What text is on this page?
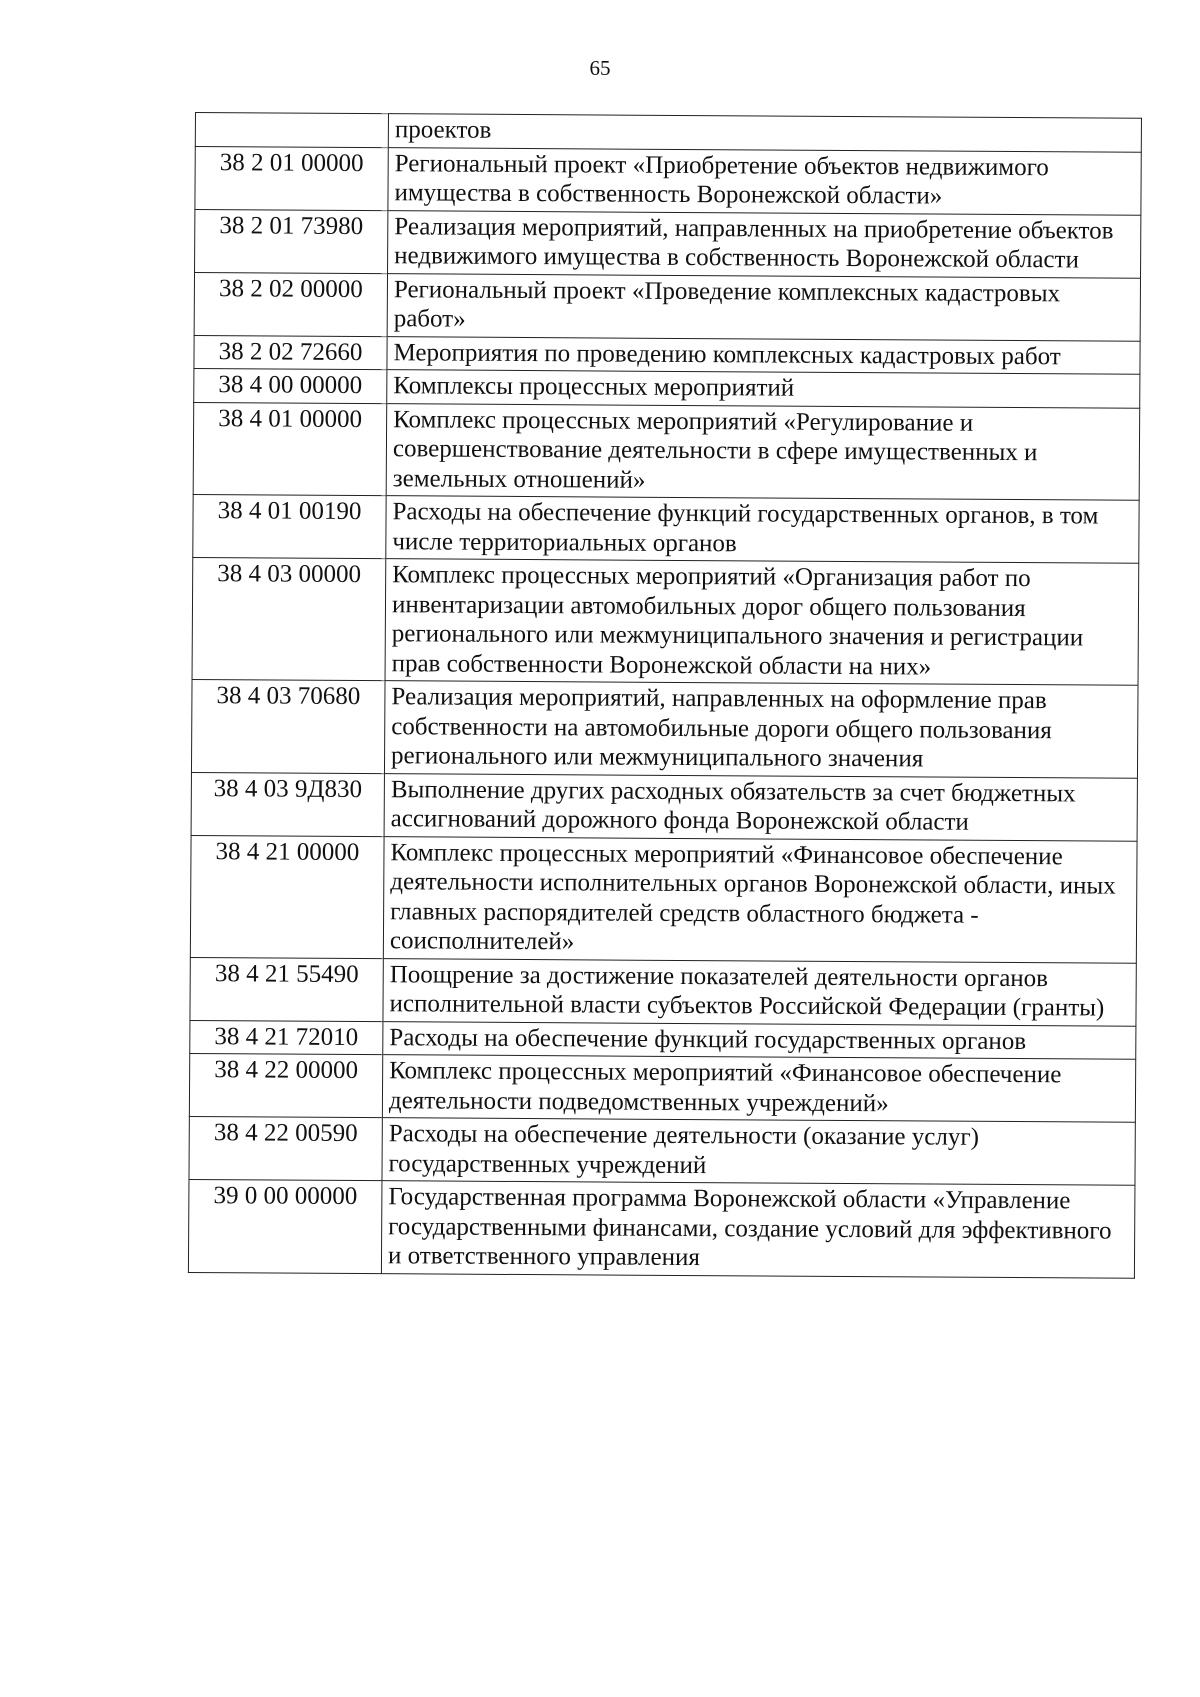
65
	проектов
38 2 01 00000	Региональный проект «Приобретение объектов недвижимого имущества в собственность Воронежской области»
38 2 01 73980	Реализация мероприятий, направленных на приобретение объектов недвижимого имущества в собственность Воронежской области
38 2 02 00000	Региональный проект «Проведение комплексных кадастровых работ»
38 2 02 72660	Мероприятия по проведению комплексных кадастровых работ
38 4 00 00000	Комплексы процессных мероприятий
38 4 01 00000	Комплекс процессных мероприятий «Регулирование и совершенствование деятельности в сфере имущественных и земельных отношений»
38 4 01 00190	Расходы на обеспечение функций государственных органов, в том числе территориальных органов
38 4 03 00000	Комплекс процессных мероприятий «Организация работ по инвентаризации автомобильных дорог общего пользования регионального или межмуниципального значения и регистрации прав собственности Воронежской области на них»
38 4 03 70680	Реализация мероприятий, направленных на оформление прав собственности на автомобильные дороги общего пользования регионального или межмуниципального значения
38 4 03 9Д830	Выполнение других расходных обязательств за счет бюджетных ассигнований дорожного фонда Воронежской области
38 4 21 00000	Комплекс процессных мероприятий «Финансовое обеспечение деятельности исполнительных органов Воронежской области, иных главных распорядителей средств областного бюджета - соисполнителей»
38 4 21 55490	Поощрение за достижение показателей деятельности органов исполнительной власти субъектов Российской Федерации (гранты)
38 4 21 72010	Расходы на обеспечение функций государственных органов
38 4 22 00000	Комплекс процессных мероприятий «Финансовое обеспечение деятельности подведомственных учреждений»
38 4 22 00590	Расходы на обеспечение деятельности (оказание услуг) государственных учреждений
39 0 00 00000	Государственная программа Воронежской области «Управление государственными финансами, создание условий для эффективного и ответственного управления
